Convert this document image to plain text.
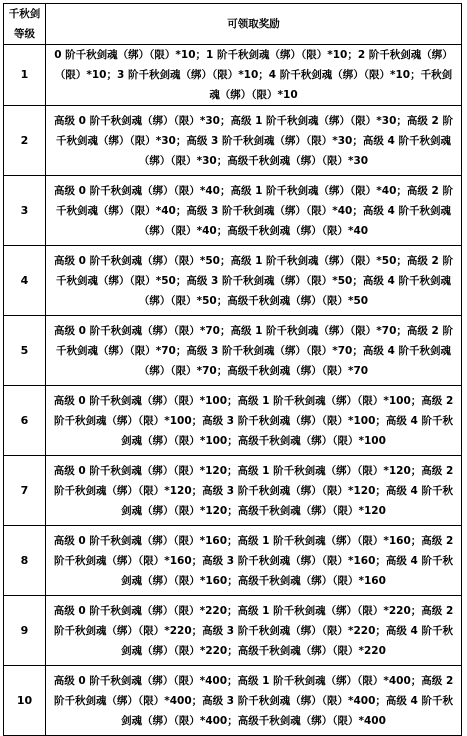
千秋剑
等级	可领取奖励
1	0 阶千秋剑魂（绑）（限）*10；1 阶千秋剑魂（绑）（限）*10；2 阶千秋剑魂（绑）（限）*10；3 阶千秋剑魂（绑）（限）*10；4 阶千秋剑魂（绑）（限）*10；千秋剑魂（绑）（限）*10
2	高级 0 阶千秋剑魂（绑）（限）*30；高级 1 阶千秋剑魂（绑）（限）*30；高级 2 阶千秋剑魂（绑）（限）*30；高级 3 阶千秋剑魂（绑）（限）*30；高级 4 阶千秋剑魂（绑）（限）*30；高级千秋剑魂（绑）（限）*30
3	高级 0 阶千秋剑魂（绑）（限）*40；高级 1 阶千秋剑魂（绑）（限）*40；高级 2 阶千秋剑魂（绑）（限）*40；高级 3 阶千秋剑魂（绑）（限）*40；高级 4 阶千秋剑魂（绑）（限）*40；高级千秋剑魂（绑）（限）*40
4	高级 0 阶千秋剑魂（绑）（限）*50；高级 1 阶千秋剑魂（绑）（限）*50；高级 2 阶千秋剑魂（绑）（限）*50；高级 3 阶千秋剑魂（绑）（限）*50；高级 4 阶千秋剑魂（绑）（限）*50；高级千秋剑魂（绑）（限）*50
5	高级 0 阶千秋剑魂（绑）（限）*70；高级 1 阶千秋剑魂（绑）（限）*70；高级 2 阶千秋剑魂（绑）（限）*70；高级 3 阶千秋剑魂（绑）（限）*70；高级 4 阶千秋剑魂（绑）（限）*70；高级千秋剑魂（绑）（限）*70
6	高级 0 阶千秋剑魂（绑）（限）*100；高级 1 阶千秋剑魂（绑）（限）*100；高级 2 阶千秋剑魂（绑）（限）*100；高级 3 阶千秋剑魂（绑）（限）*100；高级 4 阶千秋剑魂（绑）（限）*100；高级千秋剑魂（绑）（限）*100
7	高级 0 阶千秋剑魂（绑）（限）*120；高级 1 阶千秋剑魂（绑）（限）*120；高级 2 阶千秋剑魂（绑）（限）*120；高级 3 阶千秋剑魂（绑）（限）*120；高级 4 阶千秋剑魂（绑）（限）*120；高级千秋剑魂（绑）（限）*120
8	高级 0 阶千秋剑魂（绑）（限）*160；高级 1 阶千秋剑魂（绑）（限）*160；高级 2 阶千秋剑魂（绑）（限）*160；高级 3 阶千秋剑魂（绑）（限）*160；高级 4 阶千秋剑魂（绑）（限）*160；高级千秋剑魂（绑）（限）*160
9	高级 0 阶千秋剑魂（绑）（限）*220；高级 1 阶千秋剑魂（绑）（限）*220；高级 2 阶千秋剑魂（绑）（限）*220；高级 3 阶千秋剑魂（绑）（限）*220；高级 4 阶千秋剑魂（绑）（限）*220；高级千秋剑魂（绑）（限）*220
10	高级 0 阶千秋剑魂（绑）（限）*400；高级 1 阶千秋剑魂（绑）（限）*400；高级 2 阶千秋剑魂（绑）（限）*400；高级 3 阶千秋剑魂（绑）（限）*400；高级 4 阶千秋剑魂（绑）（限）*400；高级千秋剑魂（绑）（限）*400
